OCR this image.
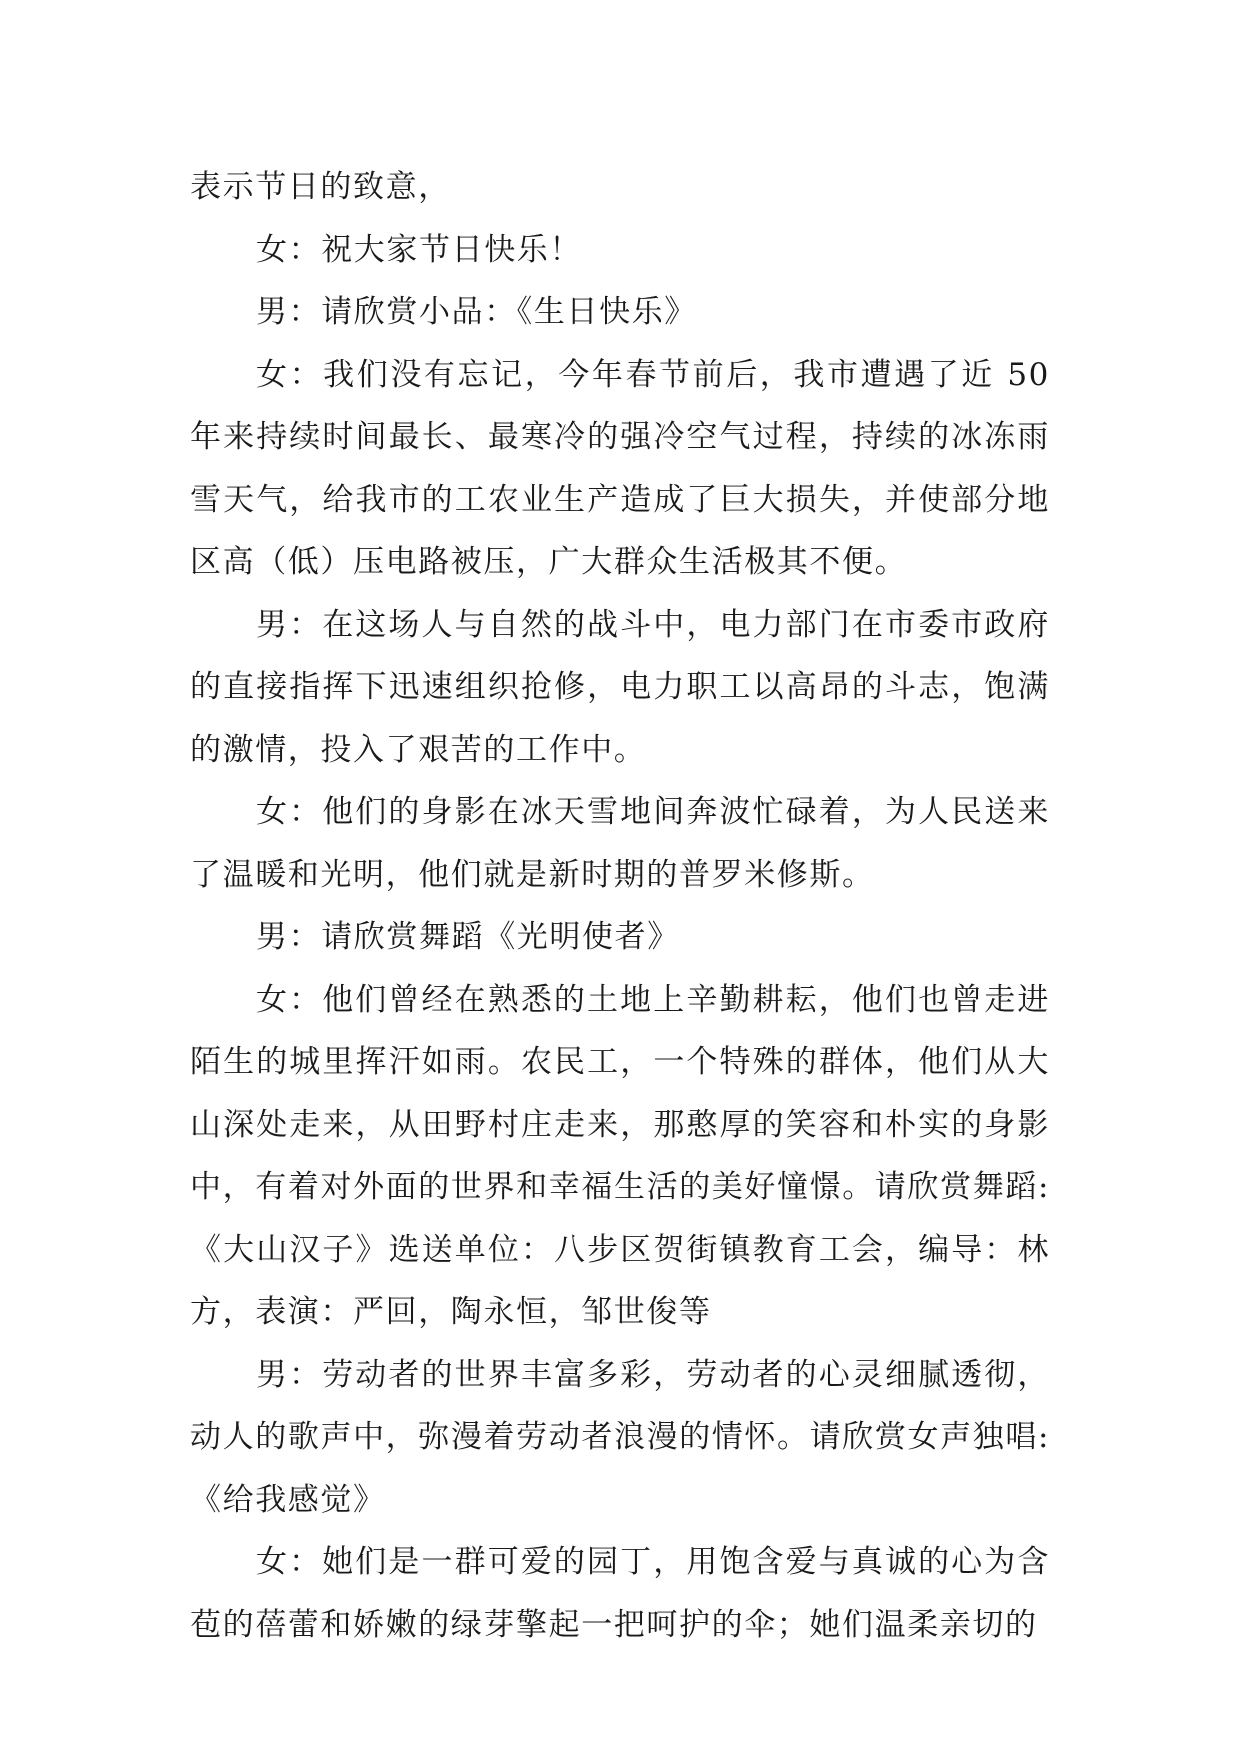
表示节日的致意，

女：祝大家节日快乐！

男：请欣赏小品：《生日快乐》

女：我们没有忘记，今年春节前后，我市遭遇了近 50 年来持续时间最长、最寒冷的强冷空气过程，持续的冰冻雨雪天气，给我市的工农业生产造成了巨大损失，并使部分地区高（低）压电路被压，广大群众生活极其不便。

男：在这场人与自然的战斗中，电力部门在市委市政府的直接指挥下迅速组织抢修，电力职工以高昂的斗志，饱满的激情，投入了艰苦的工作中。

女：他们的身影在冰天雪地间奔波忙碌着，为人民送来了温暖和光明，他们就是新时期的普罗米修斯。

男：请欣赏舞蹈《光明使者》

女：他们曾经在熟悉的土地上辛勤耕耘，他们也曾走进陌生的城里挥汗如雨。农民工，一个特殊的群体，他们从大山深处走来，从田野村庄走来，那憨厚的笑容和朴实的身影中，有着对外面的世界和幸福生活的美好憧憬。请欣赏舞蹈:《大山汉子》选送单位：八步区贺街镇教育工会，编导：林方，表演：严回，陶永恒，邹世俊等

男：劳动者的世界丰富多彩，劳动者的心灵细腻透彻，动人的歌声中，弥漫着劳动者浪漫的情怀。请欣赏女声独唱:《给我感觉》

女：她们是一群可爱的园丁，用饱含爱与真诚的心为含苞的蓓蕾和娇嫩的绿芽擎起一把呵护的伞；她们温柔亲切的
